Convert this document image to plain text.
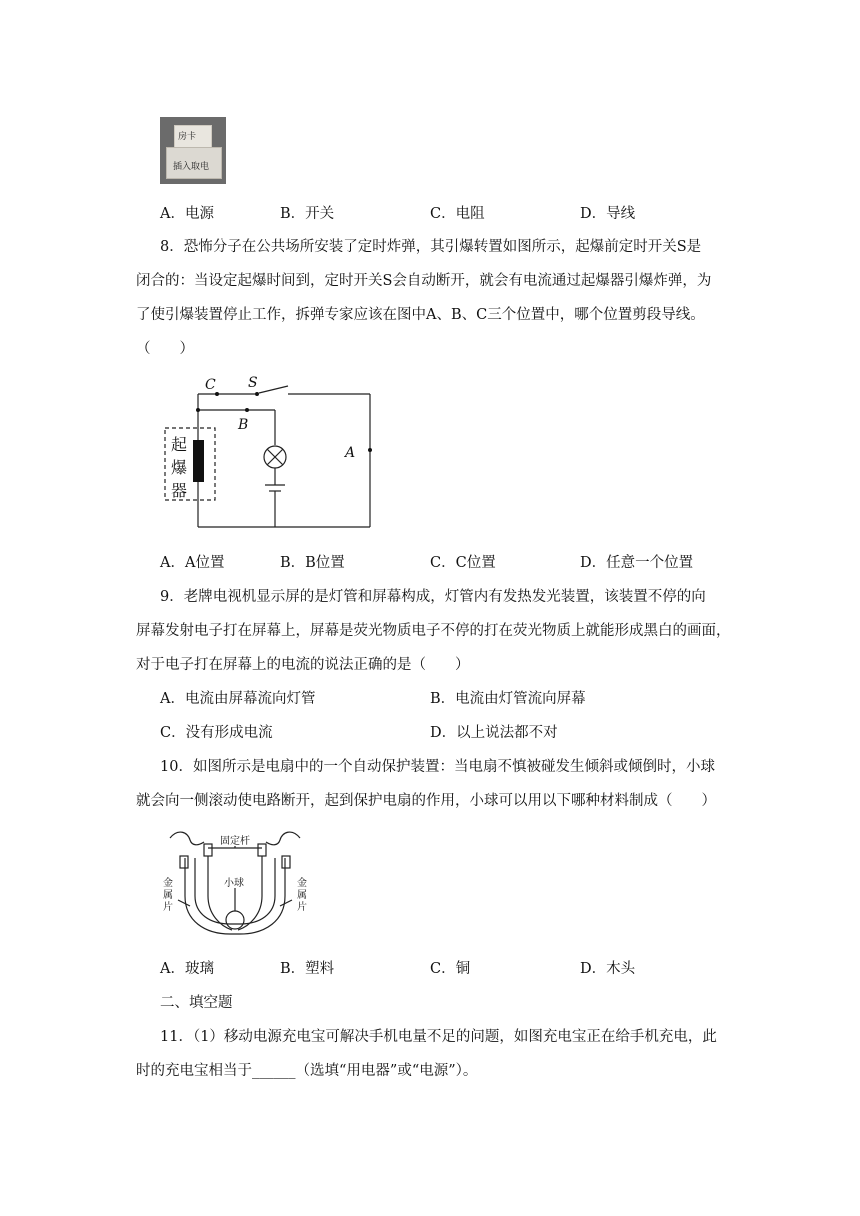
房卡
插入取电
A．电源	B．开关	C．电阻	D．导线
8．恐怖分子在公共场所安装了定时炸弹，其引爆转置如图所示，起爆前定时开关S是
闭合的：当设定起爆时间到，定时开关S会自动断开，就会有电流通过起爆器引爆炸弹，为
了使引爆装置停止工作，拆弹专家应该在图中A、B、C三个位置中，哪个位置剪段导线。
（　　）
C S
B
A
起
爆
器
A．A位置	B．B位置	C．C位置	D．任意一个位置
9．老牌电视机显示屏的是灯管和屏幕构成，灯管内有发热发光装置，该装置不停的向
屏幕发射电子打在屏幕上，屏幕是荧光物质电子不停的打在荧光物质上就能形成黑白的画面，
对于电子打在屏幕上的电流的说法正确的是（　　）
A．电流由屏幕流向灯管	B．电流由灯管流向屏幕
C．没有形成电流	D．以上说法都不对
10．如图所示是电扇中的一个自动保护装置：当电扇不慎被碰发生倾斜或倾倒时，小球
就会向一侧滚动使电路断开，起到保护电扇的作用，小球可以用以下哪种材料制成（　　）
固定杆
小球
金
属
片
金
属
片
A．玻璃	B．塑料	C．铜	D．木头
二、填空题
11．（1）移动电源充电宝可解决手机电量不足的问题，如图充电宝正在给手机充电，此
时的充电宝相当于______（选填“用电器”或“电源”）。
